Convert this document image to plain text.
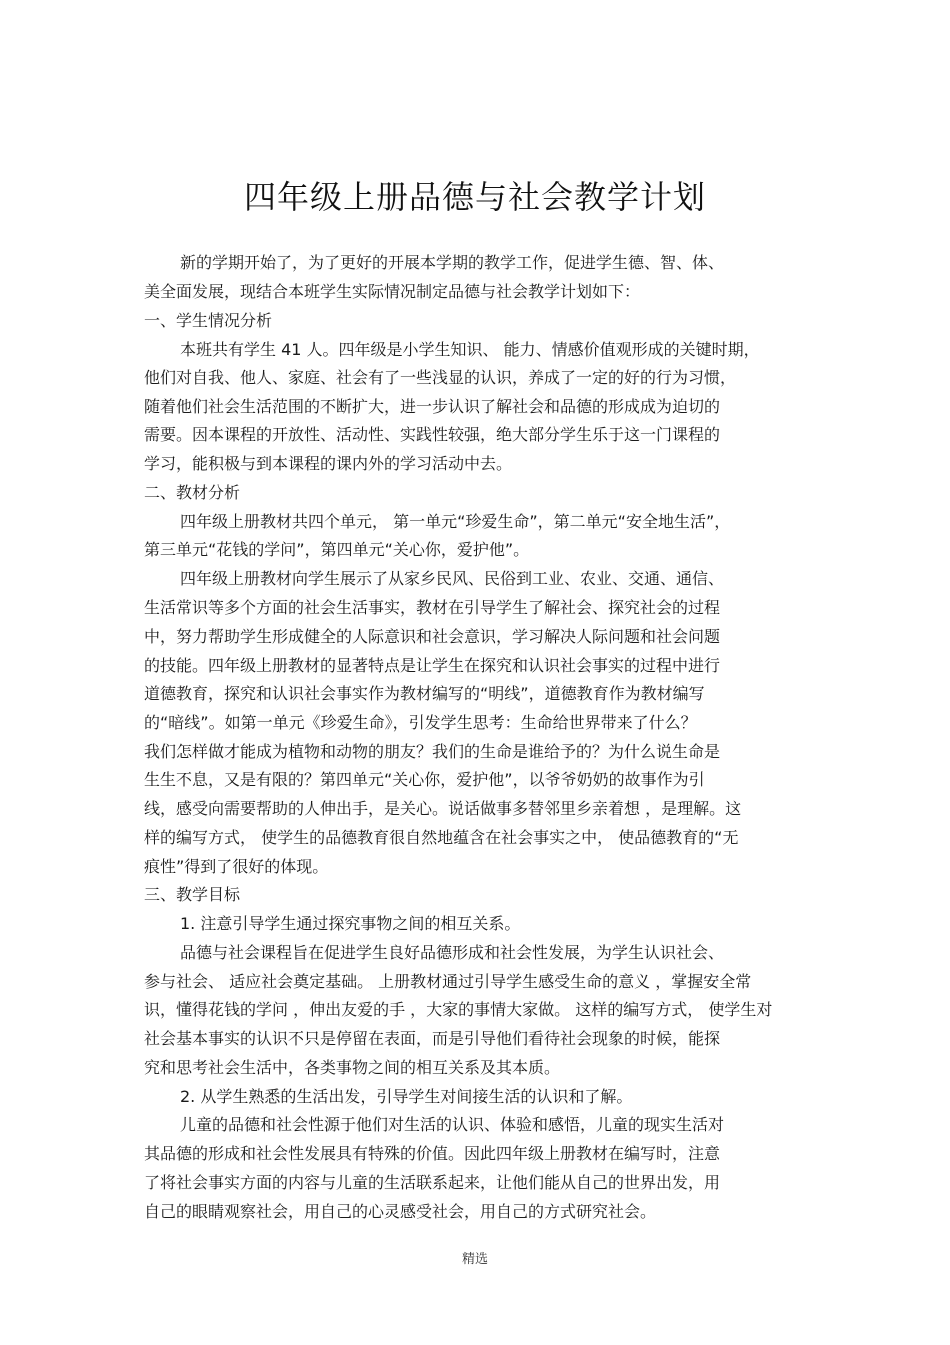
四年级上册品德与社会教学计划
新的学期开始了，为了更好的开展本学期的教学工作，促进学生德、智、体、
美全面发展，现结合本班学生实际情况制定品德与社会教学计划如下：
一、学生情况分析
本班共有学生 41 人。四年级是小学生知识、 能力、情感价值观形成的关键时期，
他们对自我、他人、家庭、社会有了一些浅显的认识，养成了一定的好的行为习惯，
随着他们社会生活范围的不断扩大，进一步认识了解社会和品德的形成成为迫切的
需要。因本课程的开放性、活动性、实践性较强，绝大部分学生乐于这一门课程的
学习，能积极与到本课程的课内外的学习活动中去。
二、教材分析
四年级上册教材共四个单元， 第一单元“珍爱生命”，第二单元“安全地生活”，
第三单元“花钱的学问”，第四单元“关心你，爱护他”。
四年级上册教材向学生展示了从家乡民风、民俗到工业、农业、交通、通信、
生活常识等多个方面的社会生活事实，教材在引导学生了解社会、探究社会的过程
中，努力帮助学生形成健全的人际意识和社会意识，学习解决人际问题和社会问题
的技能。四年级上册教材的显著特点是让学生在探究和认识社会事实的过程中进行
道德教育，探究和认识社会事实作为教材编写的“明线”，道德教育作为教材编写
的“暗线”。如第一单元《珍爱生命》，引发学生思考：生命给世界带来了什么？
我们怎样做才能成为植物和动物的朋友？我们的生命是谁给予的？为什么说生命是
生生不息，又是有限的？第四单元“关心你，爱护他”，以爷爷奶奶的故事作为引
线，感受向需要帮助的人伸出手，是关心。说话做事多替邻里乡亲着想 ，是理解。这
样的编写方式， 使学生的品德教育很自然地蕴含在社会事实之中， 使品德教育的“无
痕性”得到了很好的体现。
三、教学目标
1. 注意引导学生通过探究事物之间的相互关系。
品德与社会课程旨在促进学生良好品德形成和社会性发展，为学生认识社会、
参与社会、 适应社会奠定基础。 上册教材通过引导学生感受生命的意义 ，掌握安全常
识，懂得花钱的学问 ，伸出友爱的手 ，大家的事情大家做。 这样的编写方式， 使学生对
社会基本事实的认识不只是停留在表面，而是引导他们看待社会现象的时候，能探
究和思考社会生活中，各类事物之间的相互关系及其本质。
2. 从学生熟悉的生活出发，引导学生对间接生活的认识和了解。
儿童的品德和社会性源于他们对生活的认识、体验和感悟，儿童的现实生活对
其品德的形成和社会性发展具有特殊的价值。因此四年级上册教材在编写时，注意
了将社会事实方面的内容与儿童的生活联系起来，让他们能从自己的世界出发，用
自己的眼睛观察社会，用自己的心灵感受社会，用自己的方式研究社会。
精选
